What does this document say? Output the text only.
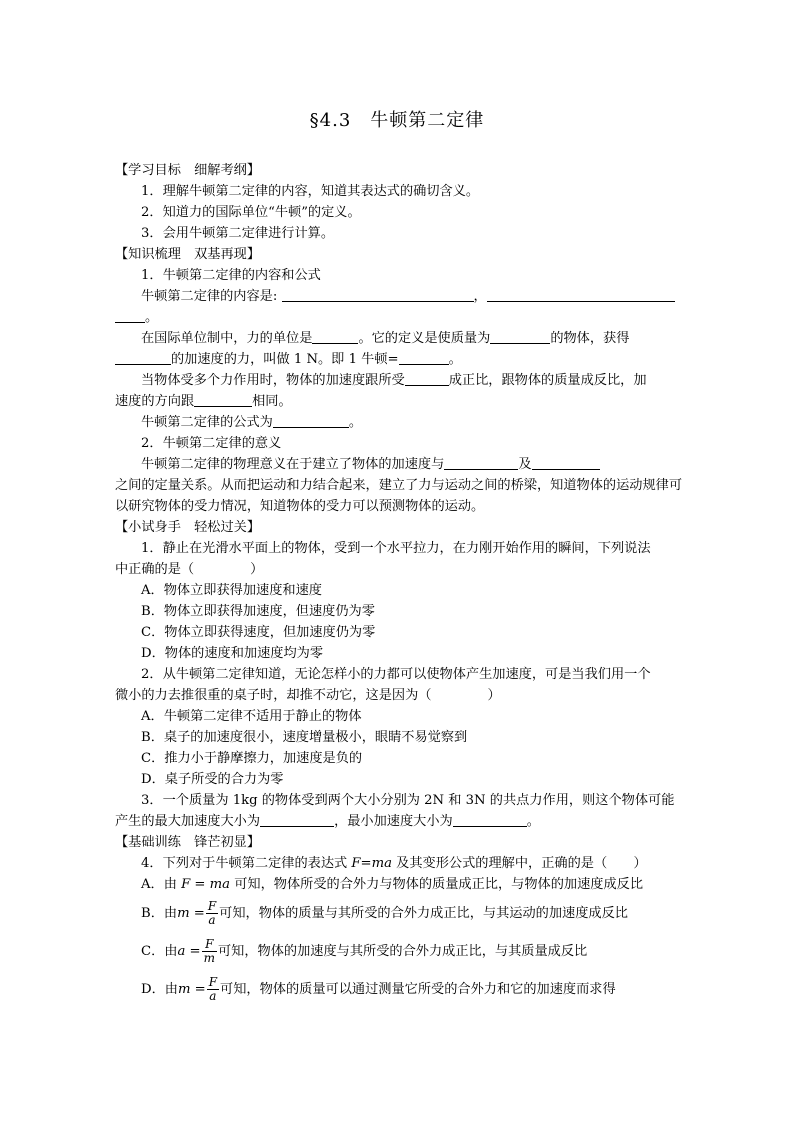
§4.3　牛顿第二定律
【学习目标　细解考纲】
1．理解牛顿第二定律的内容，知道其表达式的确切含义。
2．知道力的国际单位“牛顿”的定义。
3．会用牛顿第二定律进行计算。
【知识梳理　双基再现】
1．牛顿第二定律的内容和公式
牛顿第二定律的内容是:	，
。
在国际单位制中，力的单位是	。它的定义是使质量为	的物体，获得
的加速度的力，叫做 1 N。即 1 牛顿=	。
当物体受多个力作用时，物体的加速度跟所受	成正比，跟物体的质量成反比，加
速度的方向跟	相同。
牛顿第二定律的公式为	。
2．牛顿第二定律的意义
牛顿第二定律的物理意义在于建立了物体的加速度与	及
之间的定量关系。从而把运动和力结合起来，建立了力与运动之间的桥梁，知道物体的运动规律可以研究物体的受力情况，知道物体的受力可以预测物体的运动。
【小试身手　轻松过关】
1．静止在光滑水平面上的物体，受到一个水平拉力，在力刚开始作用的瞬间，下列说法
中正确的是（	）
A．物体立即获得加速度和速度
B．物体立即获得加速度，但速度仍为零
C．物体立即获得速度，但加速度仍为零
D．物体的速度和加速度均为零
2．从牛顿第二定律知道，无论怎样小的力都可以使物体产生加速度，可是当我们用一个
微小的力去推很重的桌子时，却推不动它，这是因为（	）
A．牛顿第二定律不适用于静止的物体
B．桌子的加速度很小，速度增量极小，眼睛不易觉察到
C．推力小于静摩擦力，加速度是负的
D．桌子所受的合力为零
3．一个质量为 1kg 的物体受到两个大小分别为 2N 和 3N 的共点力作用，则这个物体可能
产生的最大加速度大小为	，最小加速度大小为	。
【基础训练　锋芒初显】
4．下列对于牛顿第二定律的表达式 F=ma 及其变形公式的理解中，正确的是（　　）
A．由 F = ma 可知，物体所受的合外力与物体的质量成正比，与物体的加速度成反比
B．由$m = \frac{F}{a}$ 可知，物体的质量与其所受的合外力成正比，与其运动的加速度成反比
C．由$a = \frac{F}{m}$ 可知，物体的加速度与其所受的合外力成正比，与其质量成反比
D．由$m = \frac{F}{a}$ 可知，物体的质量可以通过测量它所受的合外力和它的加速度而求得
